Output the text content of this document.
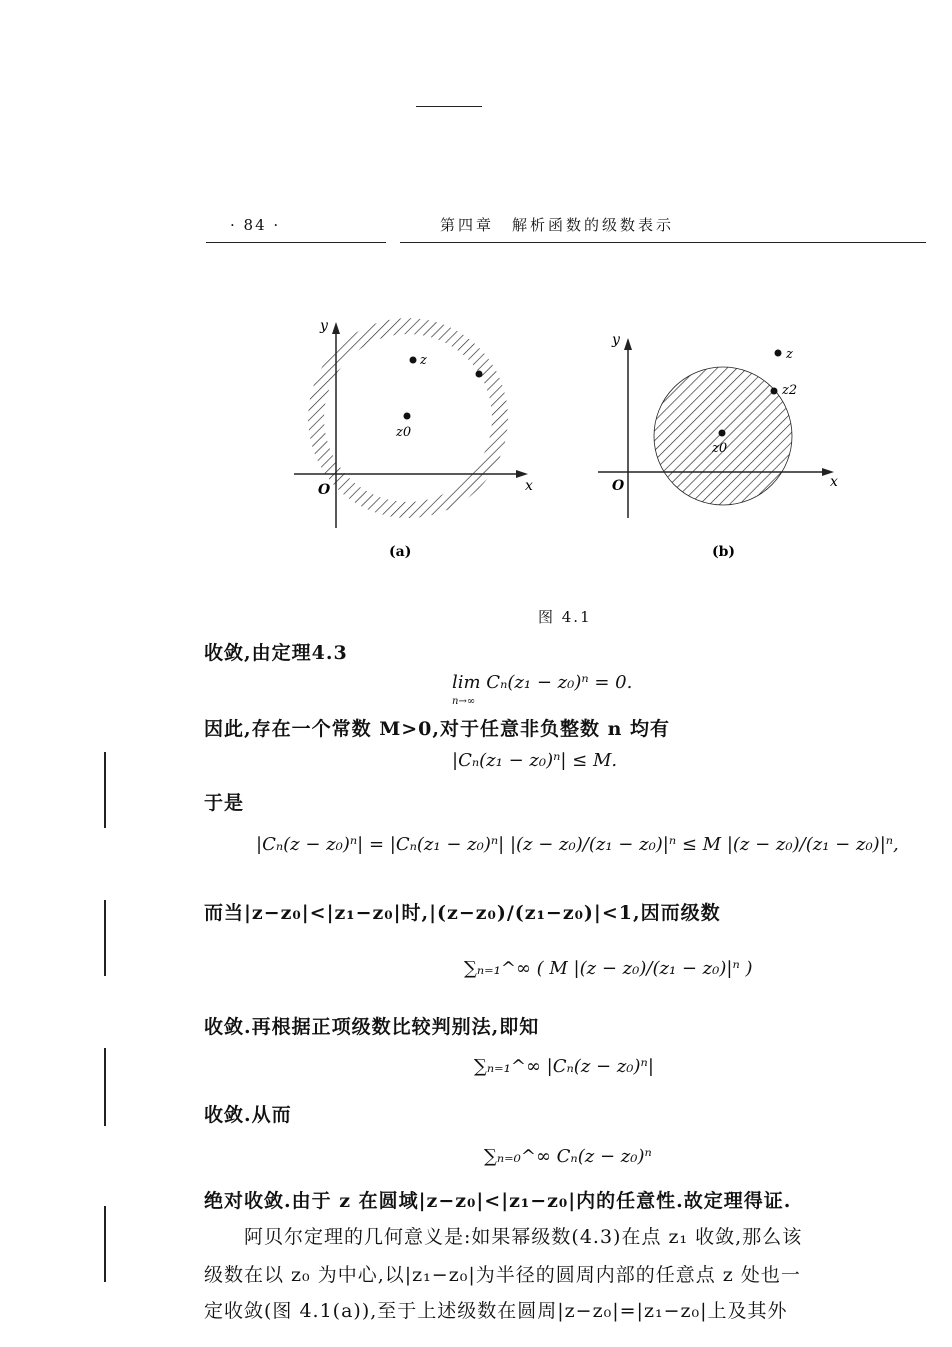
· 84 ·	第四章　解析函数的级数表示
y
x
O
z
z0
(a)
y
x
O
z
z2
z0
(b)
图 4.1
收敛,由定理4.3
lim Cₙ(z₁ − z₀)ⁿ = 0.
n→∞
因此,存在一个常数 M>0,对于任意非负整数 n 均有
|Cₙ(z₁ − z₀)ⁿ| ≤ M.
于是
|Cₙ(z − z₀)ⁿ| = |Cₙ(z₁ − z₀)ⁿ| |(z − z₀)/(z₁ − z₀)|ⁿ ≤ M |(z − z₀)/(z₁ − z₀)|ⁿ,
而当|z−z₀|<|z₁−z₀|时,|(z−z₀)/(z₁−z₀)|<1,因而级数
∑ₙ₌₁^∞ ( M |(z − z₀)/(z₁ − z₀)|ⁿ )
收敛.再根据正项级数比较判别法,即知
∑ₙ₌₁^∞ |Cₙ(z − z₀)ⁿ|
收敛.从而
∑ₙ₌₀^∞ Cₙ(z − z₀)ⁿ
绝对收敛.由于 z 在圆域|z−z₀|<|z₁−z₀|内的任意性.故定理得证.
阿贝尔定理的几何意义是:如果幂级数(4.3)在点 z₁ 收敛,那么该
级数在以 z₀ 为中心,以|z₁−z₀|为半径的圆周内部的任意点 z 处也一
定收敛(图 4.1(a)),至于上述级数在圆周|z−z₀|=|z₁−z₀|上及其外
